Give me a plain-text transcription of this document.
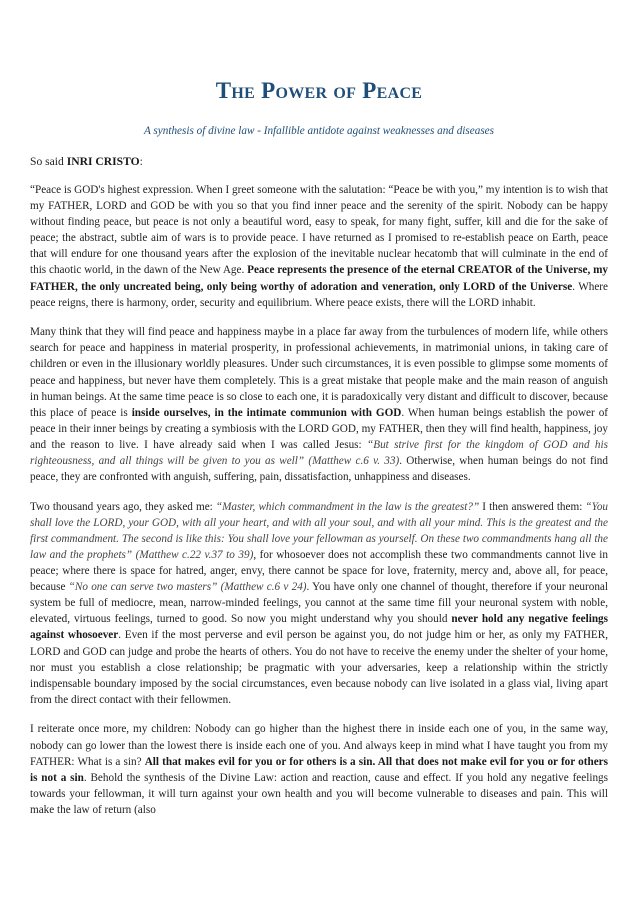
The Power of Peace
A synthesis of divine law - Infallible antidote against weaknesses and diseases
So said INRI CRISTO:

“Peace is GOD's highest expression. When I greet someone with the salutation: “Peace be with you,” my intention is to wish that my FATHER, LORD and GOD be with you so that you find inner peace and the serenity of the spirit. Nobody can be happy without finding peace, but peace is not only a beautiful word, easy to speak, for many fight, suffer, kill and die for the sake of peace; the abstract, subtle aim of wars is to provide peace. I have returned as I promised to re-establish peace on Earth, peace that will endure for one thousand years after the explosion of the inevitable nuclear hecatomb that will culminate in the end of this chaotic world, in the dawn of the New Age. Peace represents the presence of the eternal CREATOR of the Universe, my FATHER, the only uncreated being, only being worthy of adoration and veneration, only LORD of the Universe. Where peace reigns, there is harmony, order, security and equilibrium. Where peace exists, there will the LORD inhabit.

Many think that they will find peace and happiness maybe in a place far away from the turbulences of modern life, while others search for peace and happiness in material prosperity, in professional achievements, in matrimonial unions, in taking care of children or even in the illusionary worldly pleasures. Under such circumstances, it is even possible to glimpse some moments of peace and happiness, but never have them completely. This is a great mistake that people make and the main reason of anguish in human beings. At the same time peace is so close to each one, it is paradoxically very distant and difficult to discover, because this place of peace is inside ourselves, in the intimate communion with GOD. When human beings establish the power of peace in their inner beings by creating a symbiosis with the LORD GOD, my FATHER, then they will find health, happiness, joy and the reason to live. I have already said when I was called Jesus: “But strive first for the kingdom of GOD and his righteousness, and all things will be given to you as well” (Matthew c.6 v. 33). Otherwise, when human beings do not find peace, they are confronted with anguish, suffering, pain, dissatisfaction, unhappiness and diseases.

Two thousand years ago, they asked me: “Master, which commandment in the law is the greatest?” I then answered them: “You shall love the LORD, your GOD, with all your heart, and with all your soul, and with all your mind. This is the greatest and the first commandment. The second is like this: You shall love your fellowman as yourself. On these two commandments hang all the law and the prophets” (Matthew c.22 v.37 to 39), for whosoever does not accomplish these two commandments cannot live in peace; where there is space for hatred, anger, envy, there cannot be space for love, fraternity, mercy and, above all, for peace, because “No one can serve two masters” (Matthew c.6 v 24). You have only one channel of thought, therefore if your neuronal system be full of mediocre, mean, narrow-minded feelings, you cannot at the same time fill your neuronal system with noble, elevated, virtuous feelings, turned to good. So now you might understand why you should never hold any negative feelings against whosoever. Even if the most perverse and evil person be against you, do not judge him or her, as only my FATHER, LORD and GOD can judge and probe the hearts of others. You do not have to receive the enemy under the shelter of your home, nor must you establish a close relationship; be pragmatic with your adversaries, keep a relationship within the strictly indispensable boundary imposed by the social circumstances, even because nobody can live isolated in a glass vial, living apart from the direct contact with their fellowmen.

I reiterate once more, my children: Nobody can go higher than the highest there in inside each one of you, in the same way, nobody can go lower than the lowest there is inside each one of you. And always keep in mind what I have taught you from my FATHER: What is a sin? All that makes evil for you or for others is a sin. All that does not make evil for you or for others is not a sin. Behold the synthesis of the Divine Law: action and reaction, cause and effect. If you hold any negative feelings towards your fellowman, it will turn against your own health and you will become vulnerable to diseases and pain. This will make the law of return (also
